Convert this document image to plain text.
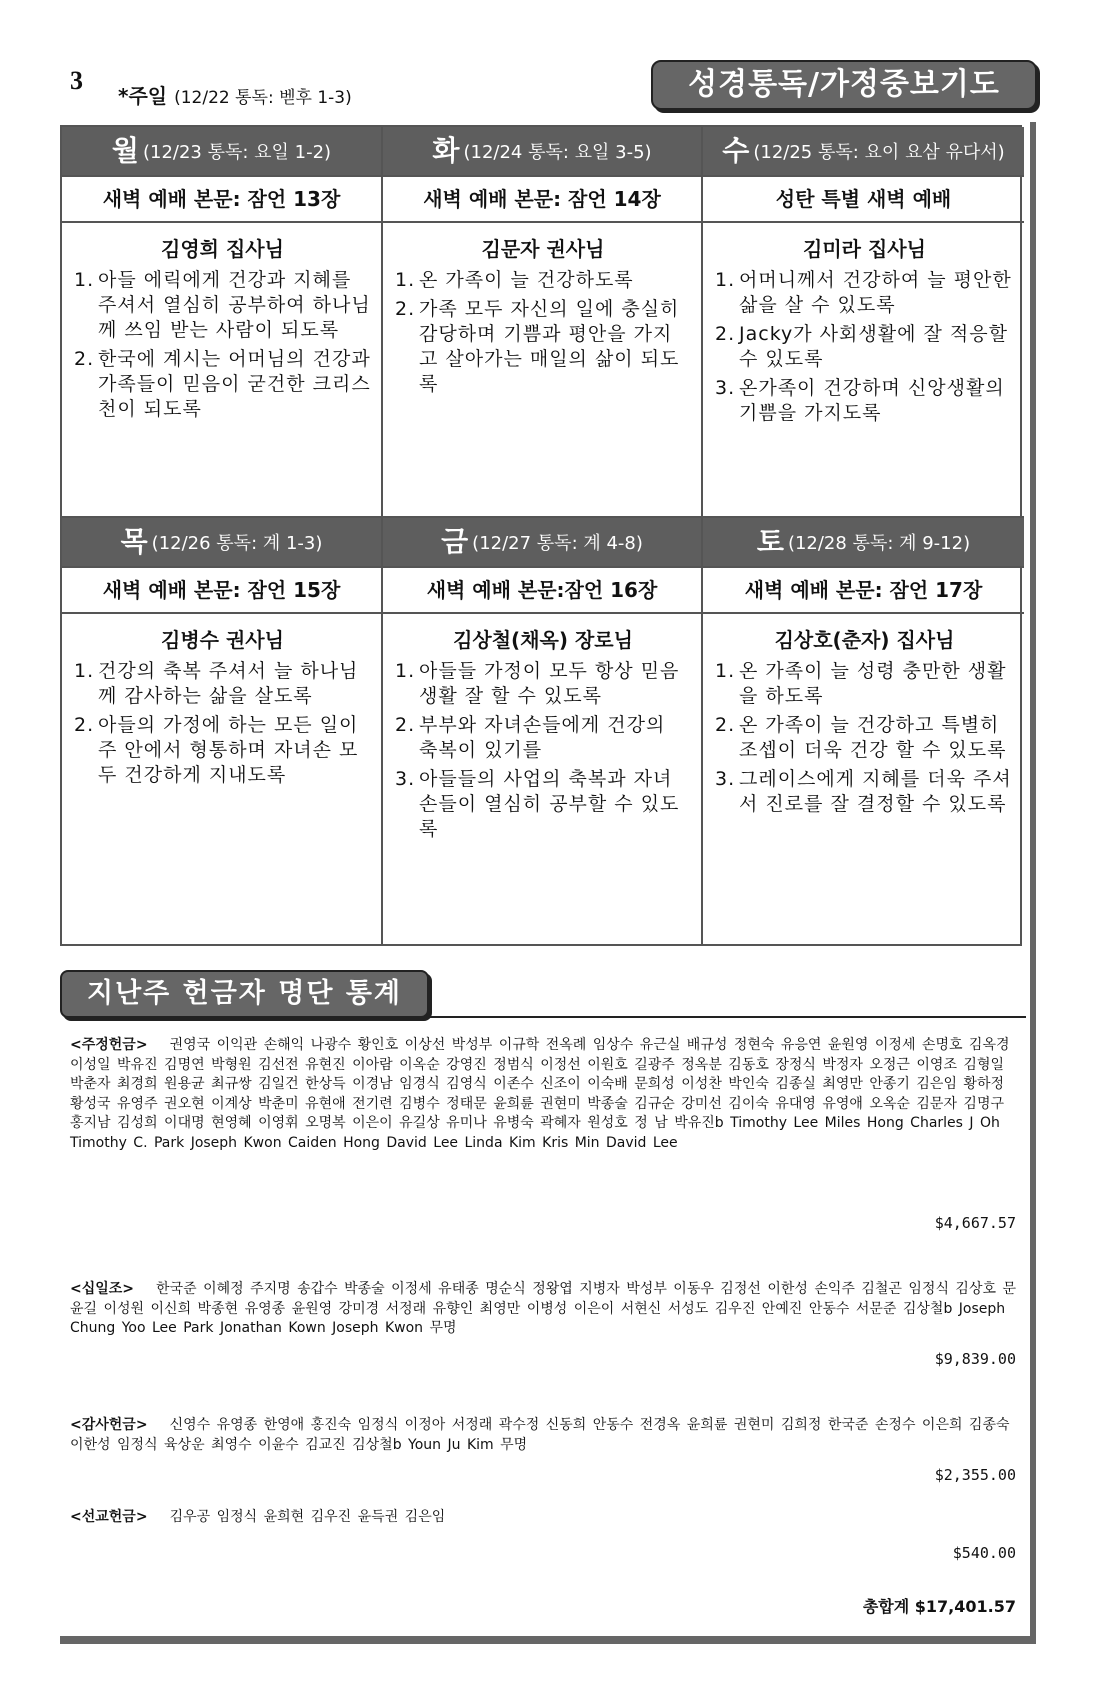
3
*주일 (12/22 통독: 벧후 1-3)	성경통독/가정중보기도
월 (12/23 통독: 요일 1-2)
새벽 예배 본문: 잠언 13장
화 (12/24 통독: 요일 3-5)
새벽 예배 본문: 잠언 14장
수 (12/25 통독: 요이 요삼 유다서)
성탄 특별 새벽 예배
김영희 집사님
1. 아들 에릭에게 건강과 지혜를 주셔서 열심히 공부하여 하나님께 쓰임 받는 사람이 되도록
2. 한국에 계시는 어머님의 건강과 가족들이 믿음이 굳건한 크리스천이 되도록
김문자 권사님
1. 온 가족이 늘 건강하도록
2. 가족 모두 자신의 일에 충실히 감당하며 기쁨과 평안을 가지고 살아가는 매일의 삶이 되도록
김미라 집사님
1. 어머니께서 건강하여 늘 평안한 삶을 살 수 있도록
2. Jacky가 사회생활에 잘 적응할 수 있도록
3. 온가족이 건강하며 신앙생활의 기쁨을 가지도록
목 (12/26 통독: 계 1-3)
새벽 예배 본문: 잠언 15장
금 (12/27 통독: 계 4-8)
새벽 예배 본문:잠언 16장
토 (12/28 통독: 계 9-12)
새벽 예배 본문: 잠언 17장
김병수 권사님
1. 건강의 축복 주셔서 늘 하나님께 감사하는 삶을 살도록
2. 아들의 가정에 하는 모든 일이 주 안에서 형통하며 자녀손 모두 건강하게 지내도록
김상철(채옥) 장로님
1. 아들들 가정이 모두 항상 믿음 생활 잘 할 수 있도록
2. 부부와 자녀손들에게 건강의 축복이 있기를
3. 아들들의 사업의 축복과 자녀손들이 열심히 공부할 수 있도록
김상호(춘자) 집사님
1. 온 가족이 늘 성령 충만한 생활을 하도록
2. 온 가족이 늘 건강하고 특별히 조셉이 더욱 건강 할 수 있도록
3. 그레이스에게 지혜를 더욱 주셔서 진로를 잘 결정할 수 있도록
지난주 헌금자 명단 통계
<주정헌금> 권영국 이익관 손해익 나광수 황인호 이상선 박성부 이규학 전옥례 임상수 유근실 배규성 정현숙 유응연 윤원영 이정세 손명호 김옥경 이성일 박유진 김명연 박형원 김선전 유현진 이아람 이옥순 강영진 정범식 이정선 이원호 길광주 정옥분 김동호 장정식 박정자 오정근 이영조 김형일 박춘자 최경희 원용균 최규쌍 김일건 한상득 이경남 임경식 김영식 이존수 신조이 이숙배 문희성 이성찬 박인숙 김종실 최영만 안종기 김은임 황하정 황성국 유영주 권오현 이계상 박춘미 유현애 전기련 김병수 정태문 윤희륜 권현미 박종술 김규순 강미선 김이숙 유대영 유영애 오옥순 김문자 김명구 홍지남 김성희 이대명 현영혜 이영휘 오명복 이은이 유길상 유미나 유병숙 곽혜자 원성호 정 남 박유진b Timothy Lee Miles Hong Charles J Oh Timothy C. Park Joseph Kwon Caiden Hong David Lee Linda Kim Kris Min David Lee
$4,667.57
<십일조> 한국준 이혜정 주지명 송갑수 박종술 이정세 유태종 명순식 정왕엽 지병자 박성부 이동우 김정선 이한성 손익주 김철곤 임정식 김상호 문윤길 이성원 이신희 박종현 유영종 윤원영 강미경 서정래 유향인 최영만 이병성 이은이 서현신 서성도 김우진 안예진 안동수 서문준 김상철b Joseph Chung Yoo Lee Park Jonathan Kown Joseph Kwon 무명
$9,839.00
<감사헌금> 신영수 유영종 한영애 홍진숙 임정식 이정아 서정래 곽수정 신동희 안동수 전경옥 윤희륜 권현미 김희정 한국준 손정수 이은희 김종숙 이한성 임정식 육상운 최영수 이윤수 김교진 김상철b Youn Ju Kim 무명
$2,355.00
<선교헌금> 김우공 임정식 윤희현 김우진 윤득권 김은임
$540.00
총합계 $17,401.57
